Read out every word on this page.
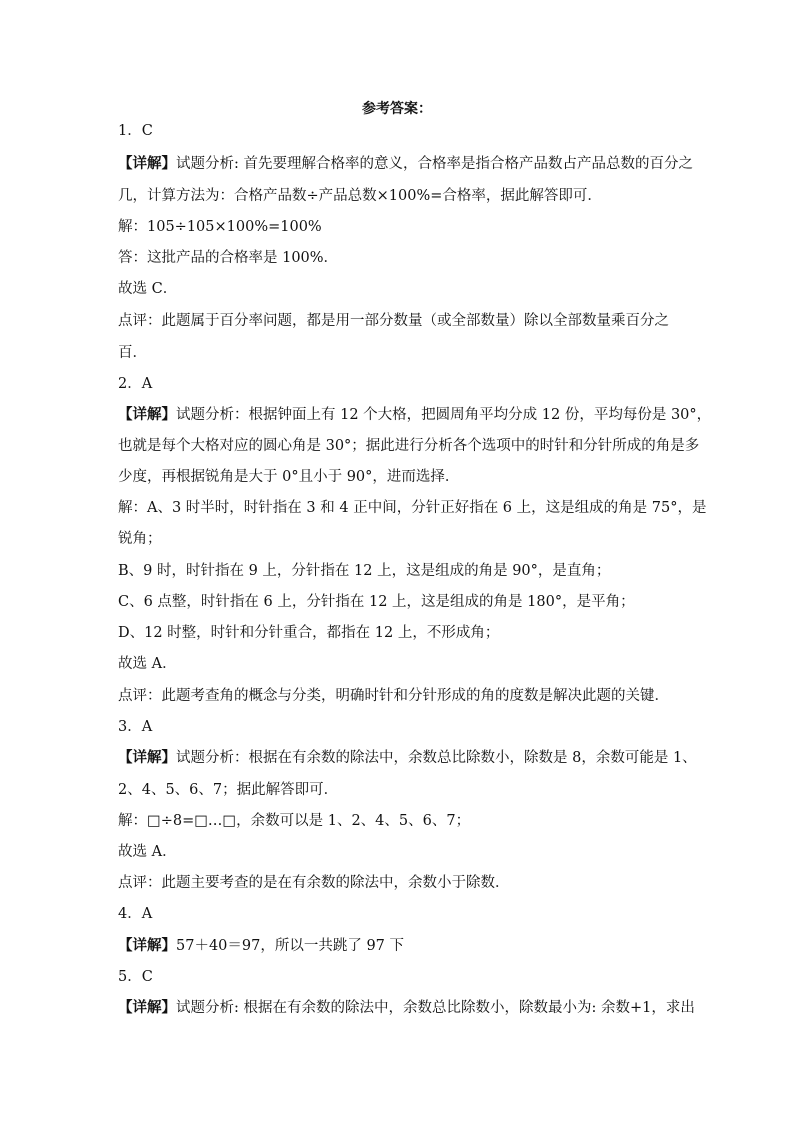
参考答案：
1．C
【详解】试题分析: 首先要理解合格率的意义，合格率是指合格产品数占产品总数的百分之
几，计算方法为：合格产品数÷产品总数×100%=合格率，据此解答即可．
解：105÷105×100%=100%
答：这批产品的合格率是 100%．
故选 C．
点评：此题属于百分率问题，都是用一部分数量（或全部数量）除以全部数量乘百分之
百．
2．A
【详解】试题分析：根据钟面上有 12 个大格，把圆周角平均分成 12 份，平均每份是 30°，
也就是每个大格对应的圆心角是 30°；据此进行分析各个选项中的时针和分针所成的角是多
少度，再根据锐角是大于 0°且小于 90°，进而选择．
解：A、3 时半时，时针指在 3 和 4 正中间，分针正好指在 6 上，这是组成的角是 75°，是
锐角；
B、9 时，时针指在 9 上，分针指在 12 上，这是组成的角是 90°，是直角；
C、6 点整，时针指在 6 上，分针指在 12 上，这是组成的角是 180°，是平角；
D、12 时整，时针和分针重合，都指在 12 上，不形成角；
故选 A．
点评：此题考查角的概念与分类，明确时针和分针形成的角的度数是解决此题的关键．
3．A
【详解】试题分析：根据在有余数的除法中，余数总比除数小，除数是 8，余数可能是 1、
2、4、5、6、7；据此解答即可．
解：□÷8=□…□，余数可以是 1、2、4、5、6、7；
故选 A．
点评：此题主要考查的是在有余数的除法中，余数小于除数．
4．A
【详解】57＋40＝97，所以一共跳了 97 下
5．C
【详解】试题分析: 根据在有余数的除法中，余数总比除数小，除数最小为: 余数+1，求出
